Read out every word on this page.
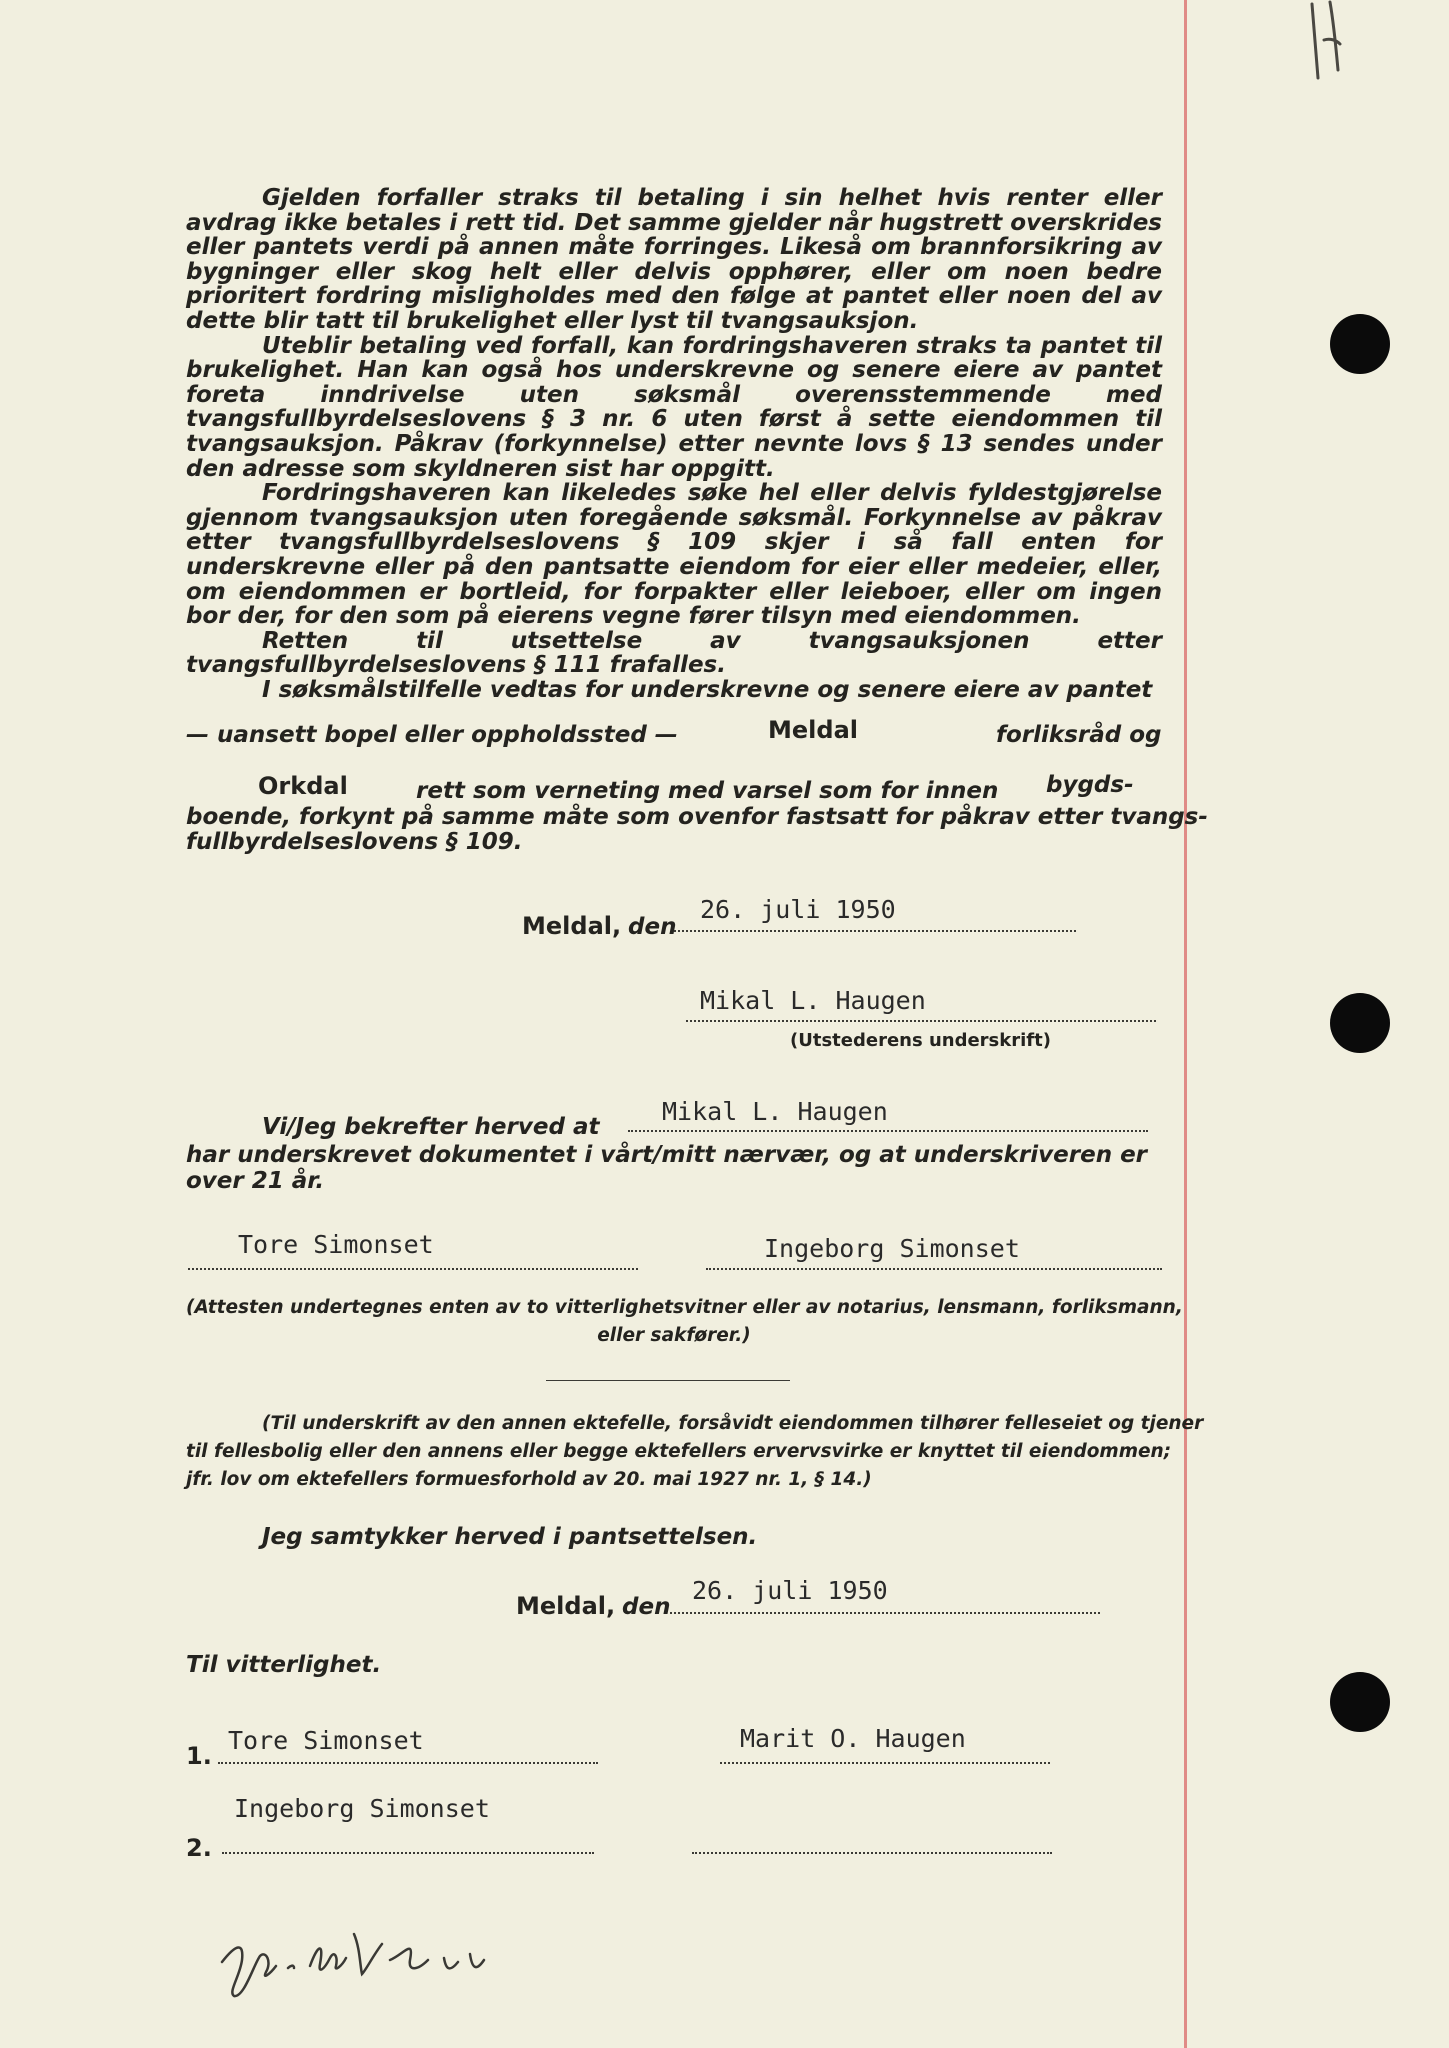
Gjelden forfaller straks til betaling i sin helhet hvis renter eller avdrag ikke betales i rett tid. Det samme gjelder når hugstrett overskrides eller pantets verdi på annen måte forringes. Likeså om brannforsikring av bygninger eller skog helt eller delvis opphører, eller om noen bedre prioritert fordring misligholdes med den følge at pantet eller noen del av dette blir tatt til brukelighet eller lyst til tvangsauksjon.

Uteblir betaling ved forfall, kan fordringshaveren straks ta pantet til brukelighet. Han kan også hos underskrevne og senere eiere av pantet foreta inndrivelse uten søksmål overensstemmende med tvangsfullbyrdelseslovens § 3 nr. 6 uten først å sette eiendommen til tvangsauksjon. Påkrav (forkynnelse) etter nevnte lovs § 13 sendes under den adresse som skyldneren sist har oppgitt.

Fordringshaveren kan likeledes søke hel eller delvis fyldestgjørelse gjennom tvangsauksjon uten foregående søksmål. Forkynnelse av påkrav etter tvangsfullbyrdelseslovens § 109 skjer i så fall enten for underskrevne eller på den pantsatte eiendom for eier eller medeier, eller, om eiendommen er bortleid, for forpakter eller leieboer, eller om ingen bor der, for den som på eierens vegne fører tilsyn med eiendommen.

Retten til utsettelse av tvangsauksjonen etter tvangsfullbyrdelseslovens § 111 frafalles.

I søksmålstilfelle vedtas for underskrevne og senere eiere av pantet

— uansett bopel eller oppholdssted —	Meldal	forliksråd og
Orkdal	rett som verneting med varsel som for innen bygds-
boende, forkynt på samme måte som ovenfor fastsatt for påkrav etter tvangs-
fullbyrdelseslovens § 109.
Meldal, den
26. juli 1950
Mikal L. Haugen
(Utstederens underskrift)
Vi/Jeg bekrefter herved at
Mikal L. Haugen
har underskrevet dokumentet i vårt/mitt nærvær, og at underskriveren er
over 21 år.
Tore Simonset	Ingeborg Simonset
(Attesten undertegnes enten av to vitterlighetsvitner eller av notarius, lensmann, forliksmann,
eller sakfører.)
(Til underskrift av den annen ektefelle, forsåvidt eiendommen tilhører felleseiet og tjener
til fellesbolig eller den annens eller begge ektefellers ervervsvirke er knyttet til eiendommen;
jfr. lov om ektefellers formuesforhold av 20. mai 1927 nr. 1, § 14.)
Jeg samtykker herved i pantsettelsen.
Meldal, den
26. juli 1950
Til vitterlighet.
1.
Tore Simonset	Marit O. Haugen
Ingeborg Simonset
2.
